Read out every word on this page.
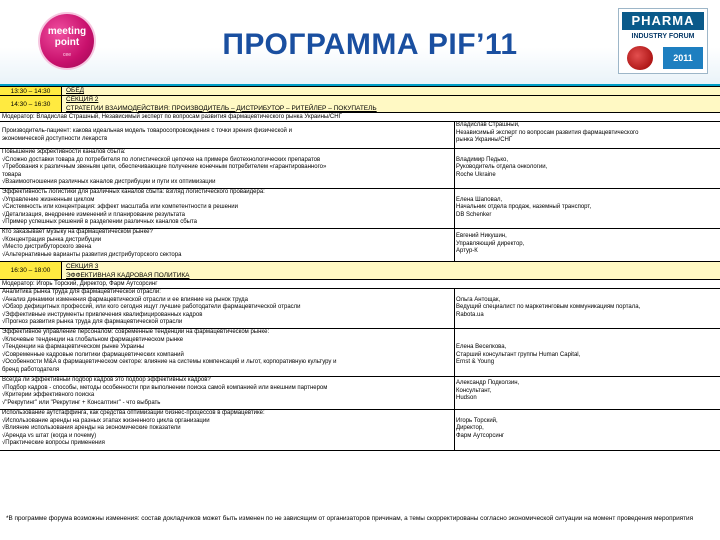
meeting
point
cee	ПРОГРАММА PIF’11
PHARMA
INDUSTRY FORUM
2011
13:30 – 14:30	ОБЕД
14:30 – 16:30
СЕКЦИЯ 2
СТРАТЕГИИ ВЗАИМОДЕЙСТВИЯ: ПРОИЗВОДИТЕЛЬ – ДИСТРИБУТОР – РИТЕЙЛЕР – ПОКУПАТЕЛЬ
Модератор: Владислав Страшный, Независимый эксперт по вопросам развития фармацевтического рынка Украины/СНГ
Производитель-пациент: какова идеальная модель товаросопровождения с точки зрения физической и
экономической доступности лекарств
Владислав Страшный,
Независимый эксперт по вопросам развития фармацевтического
рынка Украины/СНГ
Повышение эффективности каналов сбыта:
√Сложно доставки товара до потребителя по логистической цепочке на примере биотехнологических препаратов
√Требования к различным звеньям цепи, обеспечивающие получение конечным потребителем «гарантированного»
товара
√Взаимоотношения различных каналов дистрибуции и пути их оптимизации

Владимир Педько,
Руководитель отдела онкологии,
Roche Ukraine
Эффективность логистики для различных каналов сбыта: взгляд логистического провайдера:
√Управление жизненным циклом
√Системность или концентрация: эффект масштаба или компетентности в решении
√Детализация, внедрение изменений и планирование результата
√Пример успешных решений в разделении различных каналов сбыта

Елена Шаповал,
Начальник отдела продаж, наземный транспорт,
DB Schenker
Кто заказывает музыку на фармацевтическом рынке?
√Концентрация рынка дистрибуции
√Место дистрибуторского звена
√Альтернативные варианты развития дистрибуторского сектора
Евгений Никушин,
Управляющий директор,
Артур-К
16:30 – 18:00
СЕКЦИЯ 3
ЭФФЕКТИВНАЯ КАДРОВАЯ ПОЛИТИКА
Модератор: Игорь Торский, Директор, Фарм Аутсорсинг
Аналитика рынка труда для фармацевтической отрасли:
√Анализ динамики изменения фармацевтической отрасли и ее влияние на рынок труда
√Обзор дефицитных профессий, или кого сегодня ищут лучшие работодатели фармацевтической отрасли
√Эффективные инструменты привлечения квалифицированных кадров
√Прогноз развития рынка труда для фармацевтической отрасли

Ольга Антощак,
Ведущий специалист по маркетинговым коммуникациям портала,
Rabota.ua
Эффективное управление персоналом: современные тенденции на фармацевтическом рынке:
√Ключевые тенденции на глобальном фармацевтическом рынке
√Тенденции на фармацевтическом рынке Украины
√Современные кадровые политики фармацевтических компаний
√Особенности M&A в фармацевтическом секторе: влияние на системы компенсаций и льгот, корпоративную культуру и
бренд работодателя

Елена Веселкова,
Старший консультант группы Human Capital,
Ernst & Young
Всегда ли эффективный подбор кадров это подбор эффективных кадров?
√Подбор кадров - способы, методы особенности при выполнении поиска самой компанией или внешним партнером
√Критерии эффективного поиска
√"Рекрутинг" или "Рекрутинг + Консалтинг" - что выбрать
Александр Подколзин,
Консультант,
Hudson
Использование аутстаффинга, как средства оптимизации бизнес-процессов в фармацевтике:
√Использование аренды на разных этапах жизненного цикла организации
√Влияние использования аренды на экономические показатели
√Аренда vs штат (когда и почему)
√Практические вопросы применения

Игорь Торский,
Директор,
Фарм Аутсорсинг
*В программе форума возможны изменения: состав докладчиков может быть изменен по не зависящим от организаторов причинам, а темы скорректированы согласно экономической ситуации на момент проведения мероприятия
